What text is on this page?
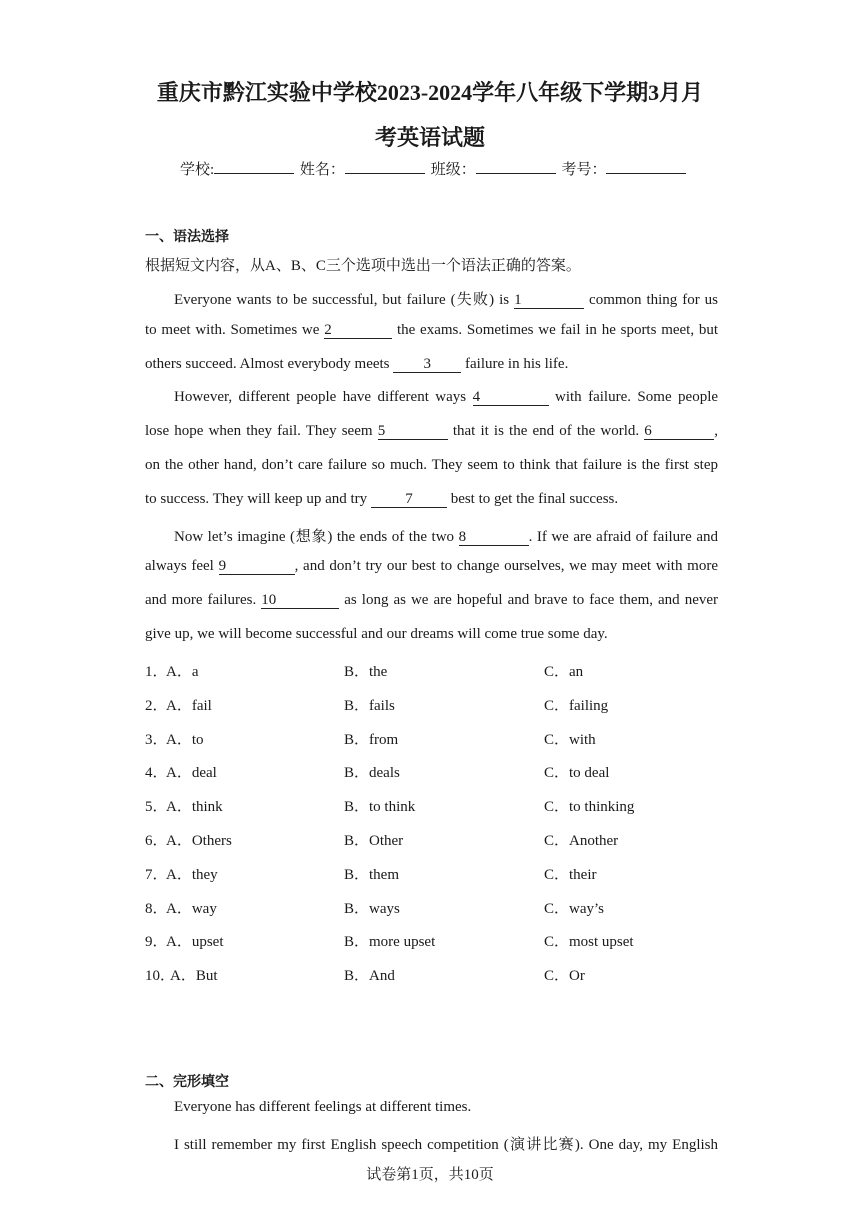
重庆市黔江实验中学校2023-2024学年八年级下学期3月月
考英语试题
学校:	姓名：	班级：	考号：
一、语法选择
根据短文内容，从A、B、C三个选项中选出一个语法正确的答案。
Everyone wants to be successful, but failure (失败) is 1	common thing for us
to meet with. Sometimes we 2	the exams. Sometimes we fail in he sports meet, but
others succeed. Almost everybody meets 3 failure in his life.
However, different people have different ways 4	with failure. Some people
lose hope when they fail. They seem 5	that it is the end of the world. 6	,
on the other hand, don’t care failure so much. They seem to think that failure is the first step
to success. They will keep up and try	7	best to get the final success.
Now let’s imagine (想象) the ends of the two 8	. If we are afraid of failure and
always feel 9	, and don’t try our best to change ourselves, we may meet with more
and more failures. 10	as long as we are hopeful and brave to face them, and never
give up, we will become successful and our dreams will come true some day.
1．
A．a	B．the	C．an
2．
A．fail	B．fails	C．failing
3．
A．to	B．from	C．with
4．
A．deal	B．deals	C．to deal
5．
A．think	B．to think	C．to thinking
6．
A．Others	B．Other	C．Another
7．
A．they	B．them	C．their
8．
A．way	B．ways	C．way’s
9．
A．upset	B．more upset	C．most upset
10．
A．But	B．And	C．Or
二、完形填空
Everyone has different feelings at different times.
I still remember my first English speech competition (演讲比赛). One day, my English
试卷第1页，共10页
